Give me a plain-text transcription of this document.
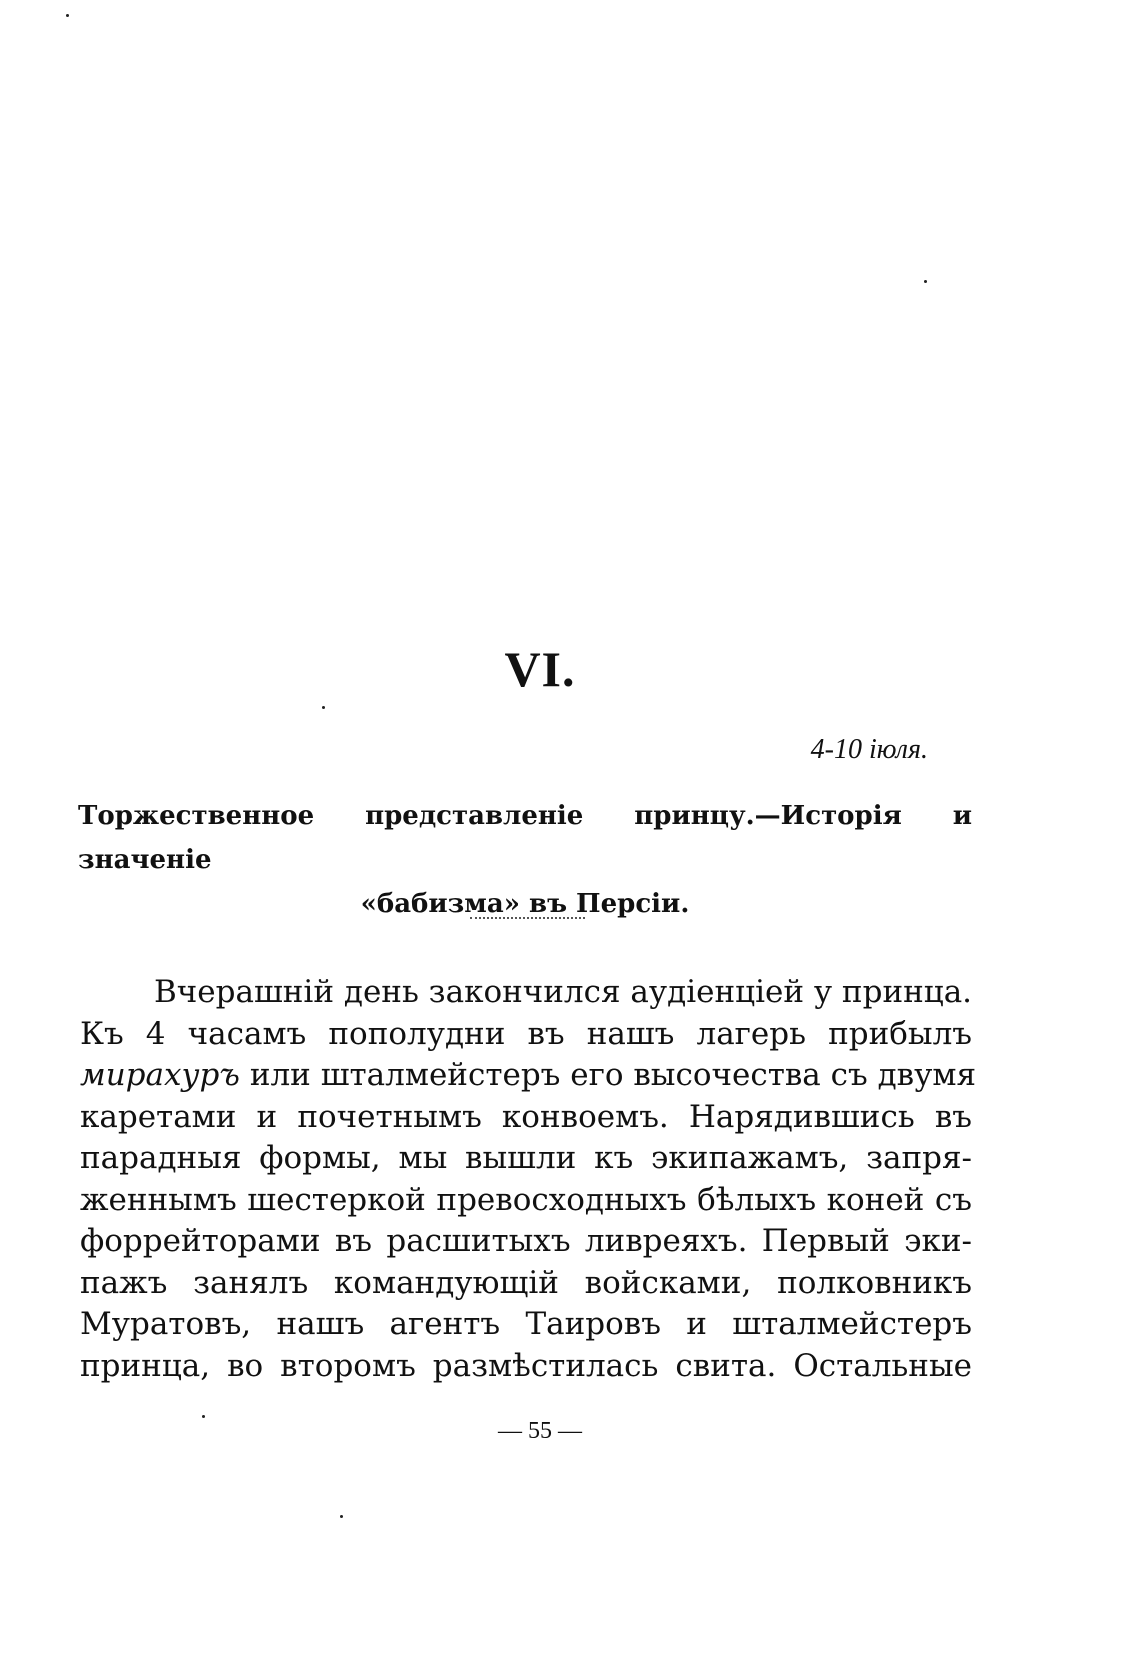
VI.
4-10 іюля.
Торжественное представленіе принцу.—Исторія и значеніе
«бабизма» въ Персіи.
Вчерашній день закончился аудіенціей у принца.
Къ 4 часамъ пополудни въ нашъ лагерь прибылъ
мирахуръ или шталмейстеръ его высочества съ двумя
каретами и почетнымъ конвоемъ. Нарядившись въ
парадныя формы, мы вышли къ экипажамъ, запря-
женнымъ шестеркой превосходныхъ бѣлыхъ коней съ
форрейторами въ расшитыхъ ливреяхъ. Первый эки-
пажъ занялъ командующій войсками, полковникъ
Муратовъ, нашъ агентъ Таировъ и шталмейстеръ
принца, во второмъ размѣстилась свита. Остальные
— 55 —
